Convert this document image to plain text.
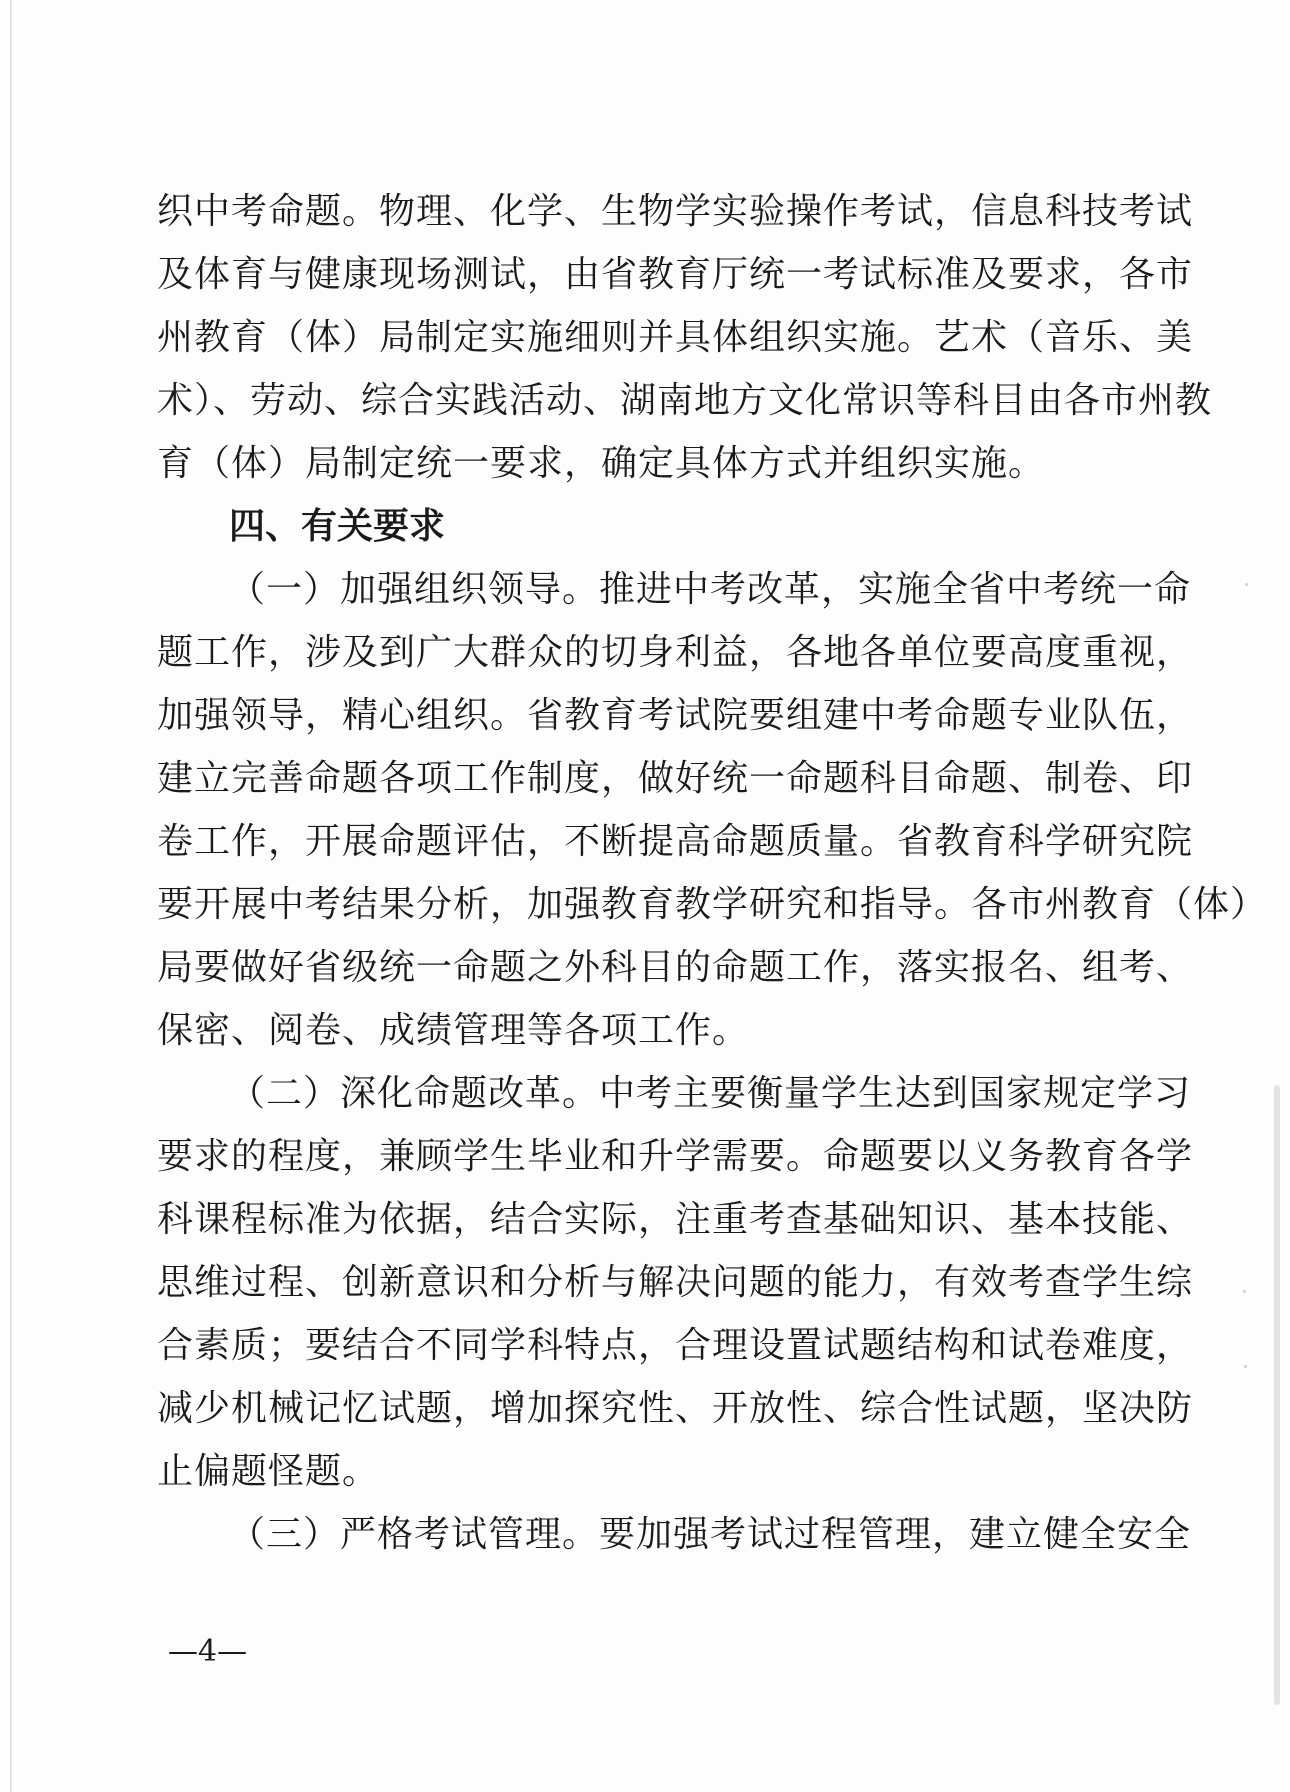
织中考命题。物理、化学、生物学实验操作考试，信息科技考试
及体育与健康现场测试，由省教育厅统一考试标准及要求，各市
州教育（体）局制定实施细则并具体组织实施。艺术（音乐、美
术）、劳动、综合实践活动、湖南地方文化常识等科目由各市州教
育（体）局制定统一要求，确定具体方式并组织实施。
四、有关要求
（一）加强组织领导。推进中考改革，实施全省中考统一命
题工作，涉及到广大群众的切身利益，各地各单位要高度重视，
加强领导，精心组织。省教育考试院要组建中考命题专业队伍，
建立完善命题各项工作制度，做好统一命题科目命题、制卷、印
卷工作，开展命题评估，不断提高命题质量。省教育科学研究院
要开展中考结果分析，加强教育教学研究和指导。各市州教育（体）
局要做好省级统一命题之外科目的命题工作，落实报名、组考、
保密、阅卷、成绩管理等各项工作。
（二）深化命题改革。中考主要衡量学生达到国家规定学习
要求的程度，兼顾学生毕业和升学需要。命题要以义务教育各学
科课程标准为依据，结合实际，注重考查基础知识、基本技能、
思维过程、创新意识和分析与解决问题的能力，有效考查学生综
合素质；要结合不同学科特点，合理设置试题结构和试卷难度，
减少机械记忆试题，增加探究性、开放性、综合性试题，坚决防
止偏题怪题。
（三）严格考试管理。要加强考试过程管理，建立健全安全
—4—
